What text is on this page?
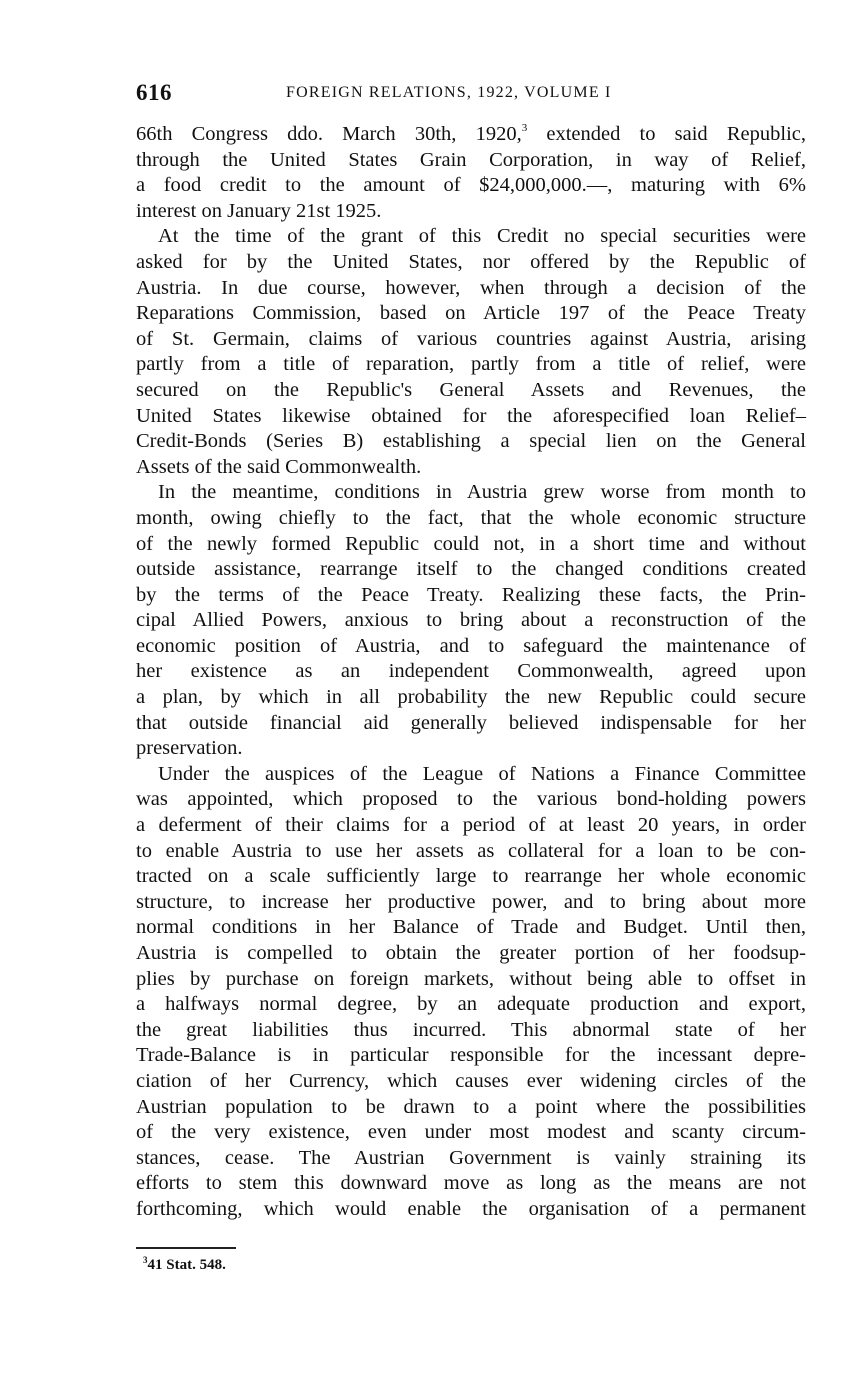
616	FOREIGN RELATIONS, 1922, VOLUME I
66th Congress ddo. March 30th, 1920,$^3$ extended to said Republic,
through the United States Grain Corporation, in way of Relief,
a food credit to the amount of $24,000,000.—, maturing with 6%
interest on January 21st 1925.
At the time of the grant of this Credit no special securities were
asked for by the United States, nor offered by the Republic of
Austria. In due course, however, when through a decision of the
Reparations Commission, based on Article 197 of the Peace Treaty
of St. Germain, claims of various countries against Austria, arising
partly from a title of reparation, partly from a title of relief, were
secured on the Republic's General Assets and Revenues, the
United States likewise obtained for the aforespecified loan Relief–
Credit-Bonds (Series B) establishing a special lien on the General
Assets of the said Commonwealth.
In the meantime, conditions in Austria grew worse from month to
month, owing chiefly to the fact, that the whole economic structure
of the newly formed Republic could not, in a short time and without
outside assistance, rearrange itself to the changed conditions created
by the terms of the Peace Treaty. Realizing these facts, the Prin-
cipal Allied Powers, anxious to bring about a reconstruction of the
economic position of Austria, and to safeguard the maintenance of
her existence as an independent Commonwealth, agreed upon
a plan, by which in all probability the new Republic could secure
that outside financial aid generally believed indispensable for her
preservation.
Under the auspices of the League of Nations a Finance Committee
was appointed, which proposed to the various bond-holding powers
a deferment of their claims for a period of at least 20 years, in order
to enable Austria to use her assets as collateral for a loan to be con-
tracted on a scale sufficiently large to rearrange her whole economic
structure, to increase her productive power, and to bring about more
normal conditions in her Balance of Trade and Budget. Until then,
Austria is compelled to obtain the greater portion of her foodsup-
plies by purchase on foreign markets, without being able to offset in
a halfways normal degree, by an adequate production and export,
the great liabilities thus incurred. This abnormal state of her
Trade-Balance is in particular responsible for the incessant depre-
ciation of her Currency, which causes ever widening circles of the
Austrian population to be drawn to a point where the possibilities
of the very existence, even under most modest and scanty circum-
stances, cease. The Austrian Government is vainly straining its
efforts to stem this downward move as long as the means are not
forthcoming, which would enable the organisation of a permanent
$^3$41 Stat. 548.
